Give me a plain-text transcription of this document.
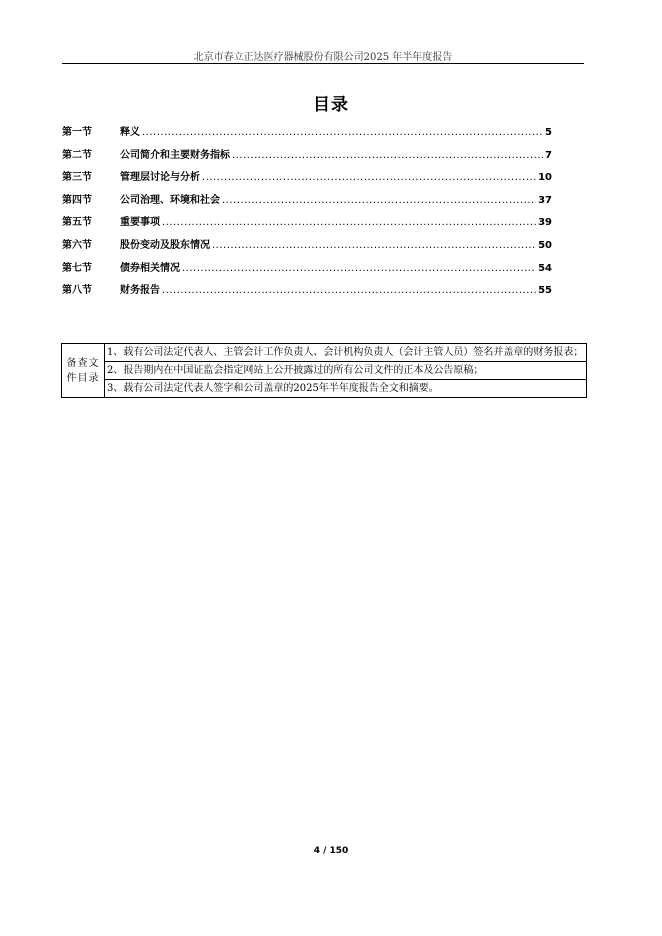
北京市春立正达医疗器械股份有限公司2025 年半年度报告
目录
第一节	释义 .....	5
第二节	公司简介和主要财务指标 .....	7
第三节	管理层讨论与分析 .....	10
第四节	公司治理、环境和社会 .....	37
第五节	重要事项 .....	39
第六节	股份变动及股东情况 .....	50
第七节	债券相关情况 .....	54
第八节	财务报告 .....	55
备查文件目录	1、载有公司法定代表人、主管会计工作负责人、会计机构负责人（会计主管人员）签名并盖章的财务报表；
2、报告期内在中国证监会指定网站上公开披露过的所有公司文件的正本及公告原稿；
3、载有公司法定代表人签字和公司盖章的2025年半年度报告全文和摘要。
4 / 150
